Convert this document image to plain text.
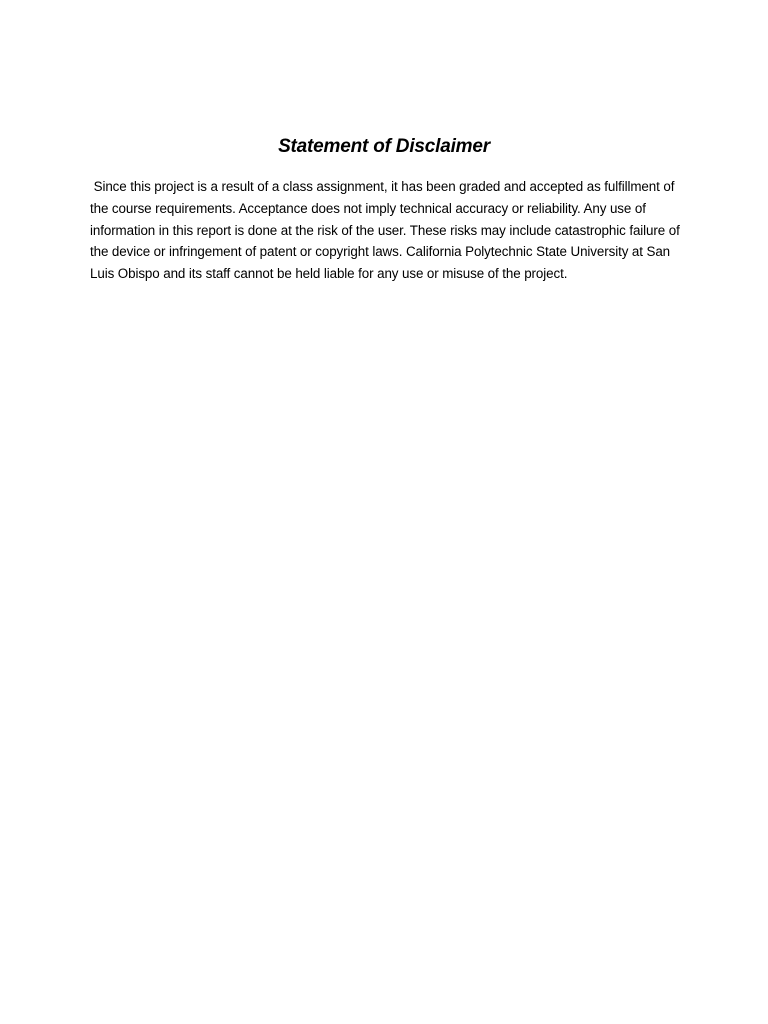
Statement of Disclaimer

Since this project is a result of a class assignment, it has been graded and accepted as fulfillment of the course requirements. Acceptance does not imply technical accuracy or reliability. Any use of information in this report is done at the risk of the user. These risks may include catastrophic failure of the device or infringement of patent or copyright laws. California Polytechnic State University at San Luis Obispo and its staff cannot be held liable for any use or misuse of the project.
